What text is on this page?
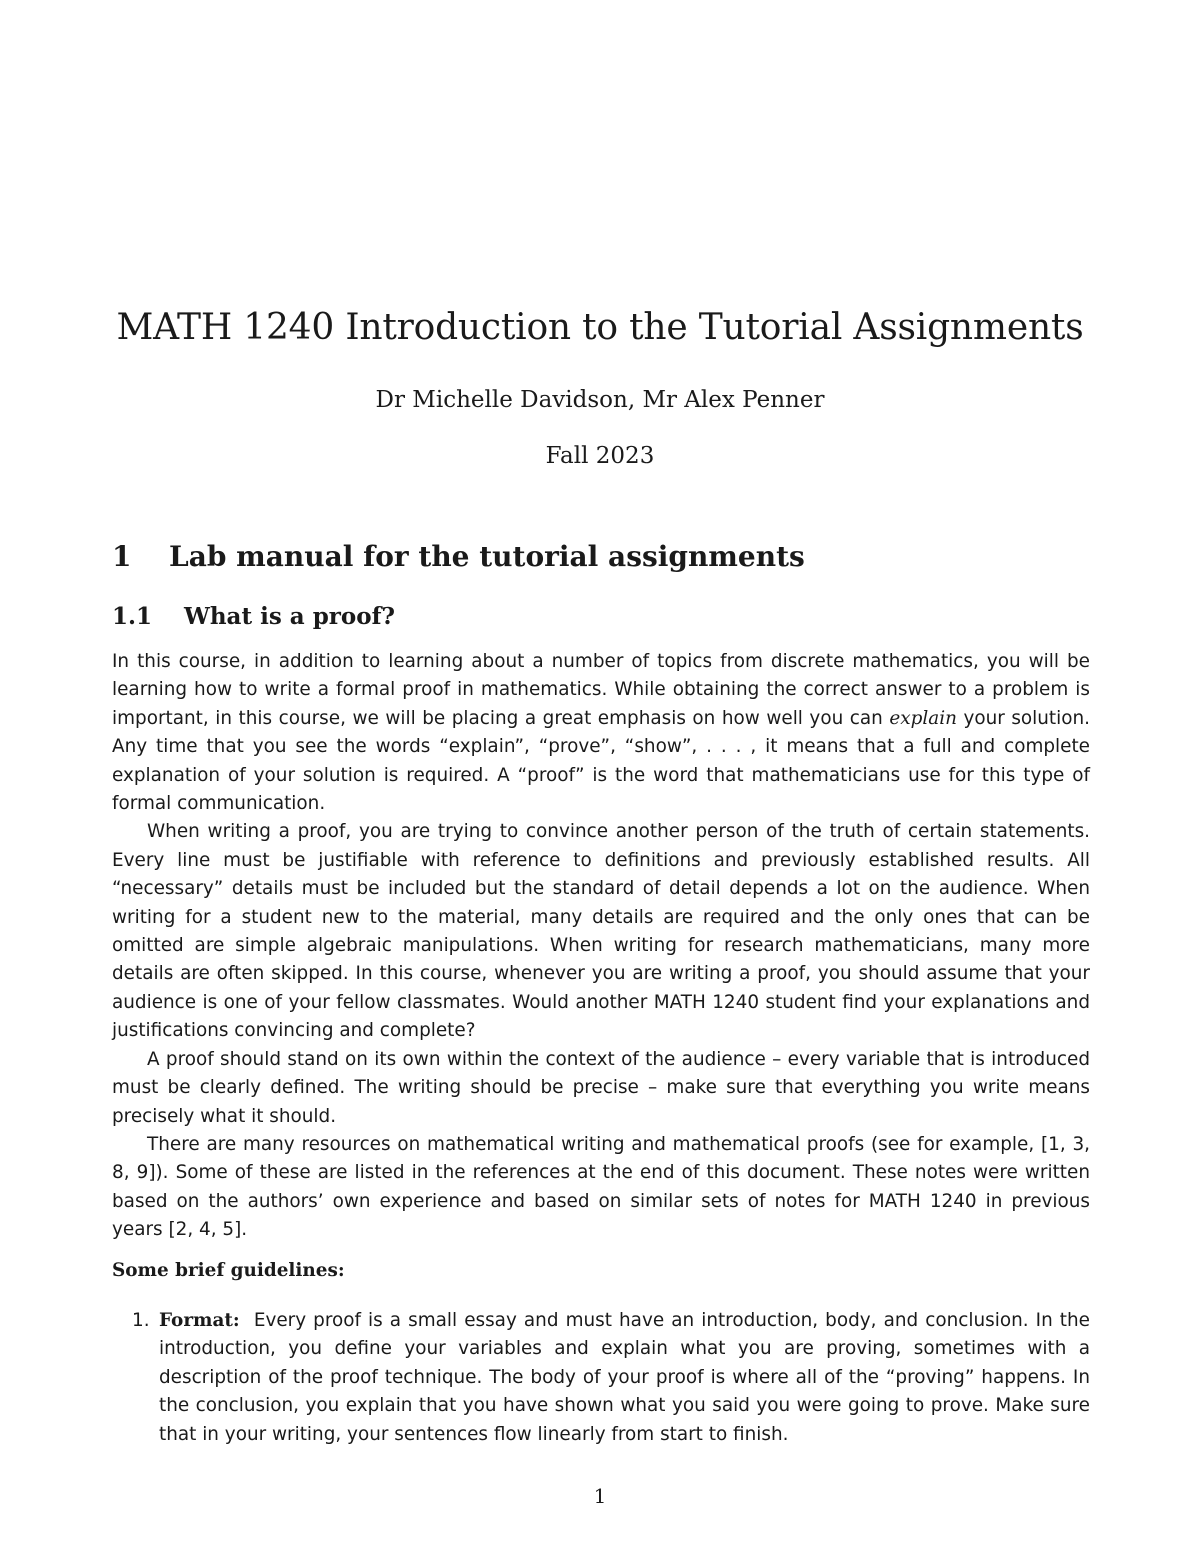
MATH 1240 Introduction to the Tutorial Assignments
Dr Michelle Davidson, Mr Alex Penner
Fall 2023
1 Lab manual for the tutorial assignments
1.1 What is a proof?

In this course, in addition to learning about a number of topics from discrete mathematics, you will be learning how to write a formal proof in mathematics. While obtaining the correct answer to a problem is important, in this course, we will be placing a great emphasis on how well you can explain your solution. Any time that you see the words “explain”, “prove”, “show”, . . . , it means that a full and complete explanation of your solution is required. A “proof” is the word that mathematicians use for this type of formal communication.

When writing a proof, you are trying to convince another person of the truth of certain statements. Every line must be justifiable with reference to definitions and previously established results. All “necessary” details must be included but the standard of detail depends a lot on the audience. When writing for a student new to the material, many details are required and the only ones that can be omitted are simple algebraic manipulations. When writing for research mathematicians, many more details are often skipped. In this course, whenever you are writing a proof, you should assume that your audience is one of your fellow classmates. Would another MATH 1240 student find your explanations and justifications convincing and complete?

A proof should stand on its own within the context of the audience – every variable that is introduced must be clearly defined. The writing should be precise – make sure that everything you write means precisely what it should.

There are many resources on mathematical writing and mathematical proofs (see for example, [1, 3, 8, 9]). Some of these are listed in the references at the end of this document. These notes were written based on the authors’ own experience and based on similar sets of notes for MATH 1240 in previous years [2, 4, 5].

Some brief guidelines:
1. Format: Every proof is a small essay and must have an introduction, body, and conclusion. In the introduction, you define your variables and explain what you are proving, sometimes with a description of the proof technique. The body of your proof is where all of the “proving” happens. In the conclusion, you explain that you have shown what you said you were going to prove. Make sure that in your writing, your sentences flow linearly from start to finish.
1
